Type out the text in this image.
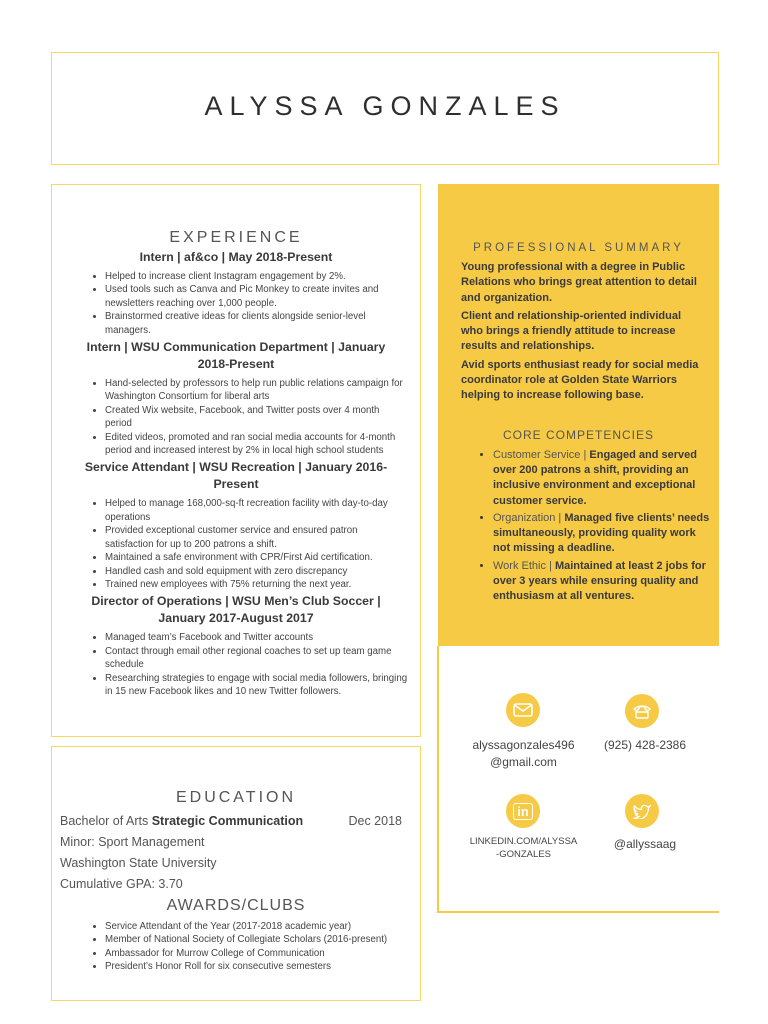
ALYSSA GONZALES
EXPERIENCE
Intern | af&co | May 2018-Present
• Helped to increase client Instagram engagement by 2%.
• Used tools such as Canva and Pic Monkey to create invites and newsletters reaching over 1,000 people.
• Brainstormed creative ideas for clients alongside senior-level managers.
Intern | WSU Communication Department | January 2018-Present
• Hand-selected by professors to help run public relations campaign for Washington Consortium for liberal arts
• Created Wix website, Facebook, and Twitter posts over 4 month period
• Edited videos, promoted and ran social media accounts for 4-month period and increased interest by 2% in local high school students
Service Attendant | WSU Recreation | January 2016-Present
• Helped to manage 168,000-sq-ft recreation facility with day-to-day operations
• Provided exceptional customer service and ensured patron satisfaction for up to 200 patrons a shift.
• Maintained a safe environment with CPR/First Aid certification.
• Handled cash and sold equipment with zero discrepancy
• Trained new employees with 75% returning the next year.
Director of Operations | WSU Men’s Club Soccer | January 2017-August 2017
• Managed team’s Facebook and Twitter accounts
• Contact through email other regional coaches to set up team game schedule
• Researching strategies to engage with social media followers, bringing in 15 new Facebook likes and 10 new Twitter followers.
EDUCATION
Bachelor of Arts Strategic Communication	Dec 2018
Minor: Sport Management
Washington State University
Cumulative GPA: 3.70
AWARDS/CLUBS
• Service Attendant of the Year (2017-2018 academic year)
• Member of National Society of Collegiate Scholars (2016-present)
• Ambassador for Murrow College of Communication
• President’s Honor Roll for six consecutive semesters
PROFESSIONAL SUMMARY
Young professional with a degree in Public Relations who brings great attention to detail and organization.
Client and relationship-oriented individual who brings a friendly attitude to increase results and relationships.
Avid sports enthusiast ready for social media coordinator role at Golden State Warriors helping to increase following base.
CORE COMPETENCIES
• Customer Service | Engaged and served over 200 patrons a shift, providing an inclusive environment and exceptional customer service.
• Organization | Managed five clients’ needs simultaneously, providing quality work not missing a deadline.
• Work Ethic | Maintained at least 2 jobs for over 3 years while ensuring quality and enthusiasm at all ventures.
alyssagonzales496
@gmail.com
(925) 428-2386
in
LINKEDIN.COM/ALYSSA
-GONZALES
@allyssaag
